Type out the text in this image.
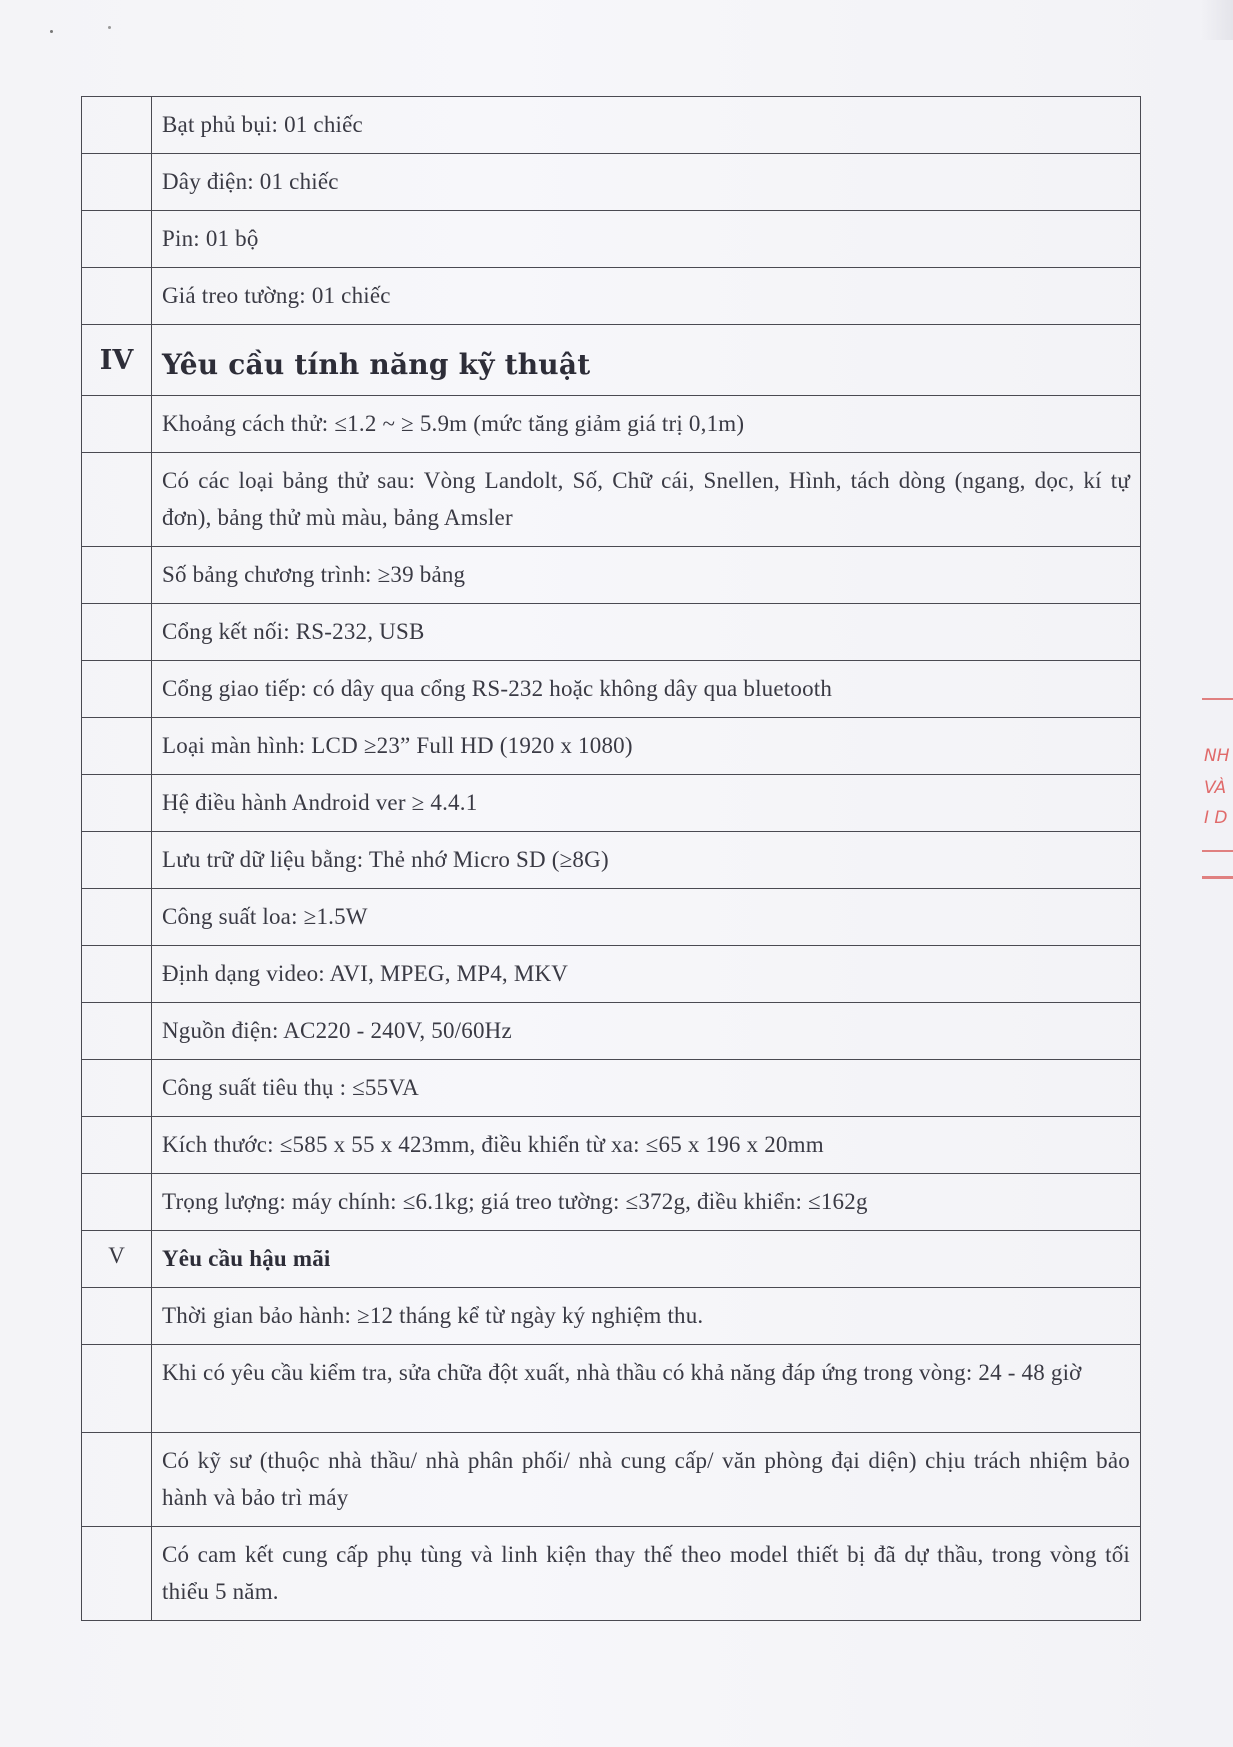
	Bạt phủ bụi: 01 chiếc
	Dây điện: 01 chiếc
	Pin: 01 bộ
	Giá treo tường: 01 chiếc
IV	Yêu cầu tính năng kỹ thuật
	Khoảng cách thử: ≤1.2 ~ ≥ 5.9m (mức tăng giảm giá trị 0,1m)
	Có các loại bảng thử sau: Vòng Landolt, Số, Chữ cái, Snellen, Hình, tách dòng (ngang, dọc, kí tự đơn), bảng thử mù màu, bảng Amsler
	Số bảng chương trình: ≥39 bảng
	Cổng kết nối: RS-232, USB
	Cổng giao tiếp: có dây qua cổng RS-232 hoặc không dây qua bluetooth
	Loại màn hình: LCD ≥23” Full HD (1920 x 1080)
	Hệ điều hành Android ver ≥ 4.4.1
	Lưu trữ dữ liệu bằng: Thẻ nhớ Micro SD (≥8G)
	Công suất loa: ≥1.5W
	Định dạng video: AVI, MPEG, MP4, MKV
	Nguồn điện: AC220 - 240V, 50/60Hz
	Công suất tiêu thụ : ≤55VA
	Kích thước: ≤585 x 55 x 423mm, điều khiển từ xa: ≤65 x 196 x 20mm
	Trọng lượng: máy chính: ≤6.1kg; giá treo tường: ≤372g, điều khiển: ≤162g
V	Yêu cầu hậu mãi
	Thời gian bảo hành: ≥12 tháng kể từ ngày ký nghiệm thu.
	Khi có yêu cầu kiểm tra, sửa chữa đột xuất, nhà thầu có khả năng đáp ứng trong vòng: 24 - 48 giờ
	Có kỹ sư (thuộc nhà thầu/ nhà phân phối/ nhà cung cấp/ văn phòng đại diện) chịu trách nhiệm bảo hành và bảo trì máy
	Có cam kết cung cấp phụ tùng và linh kiện thay thế theo model thiết bị đã dự thầu, trong vòng tối thiểu 5 năm.
NH
VÀ
I D
